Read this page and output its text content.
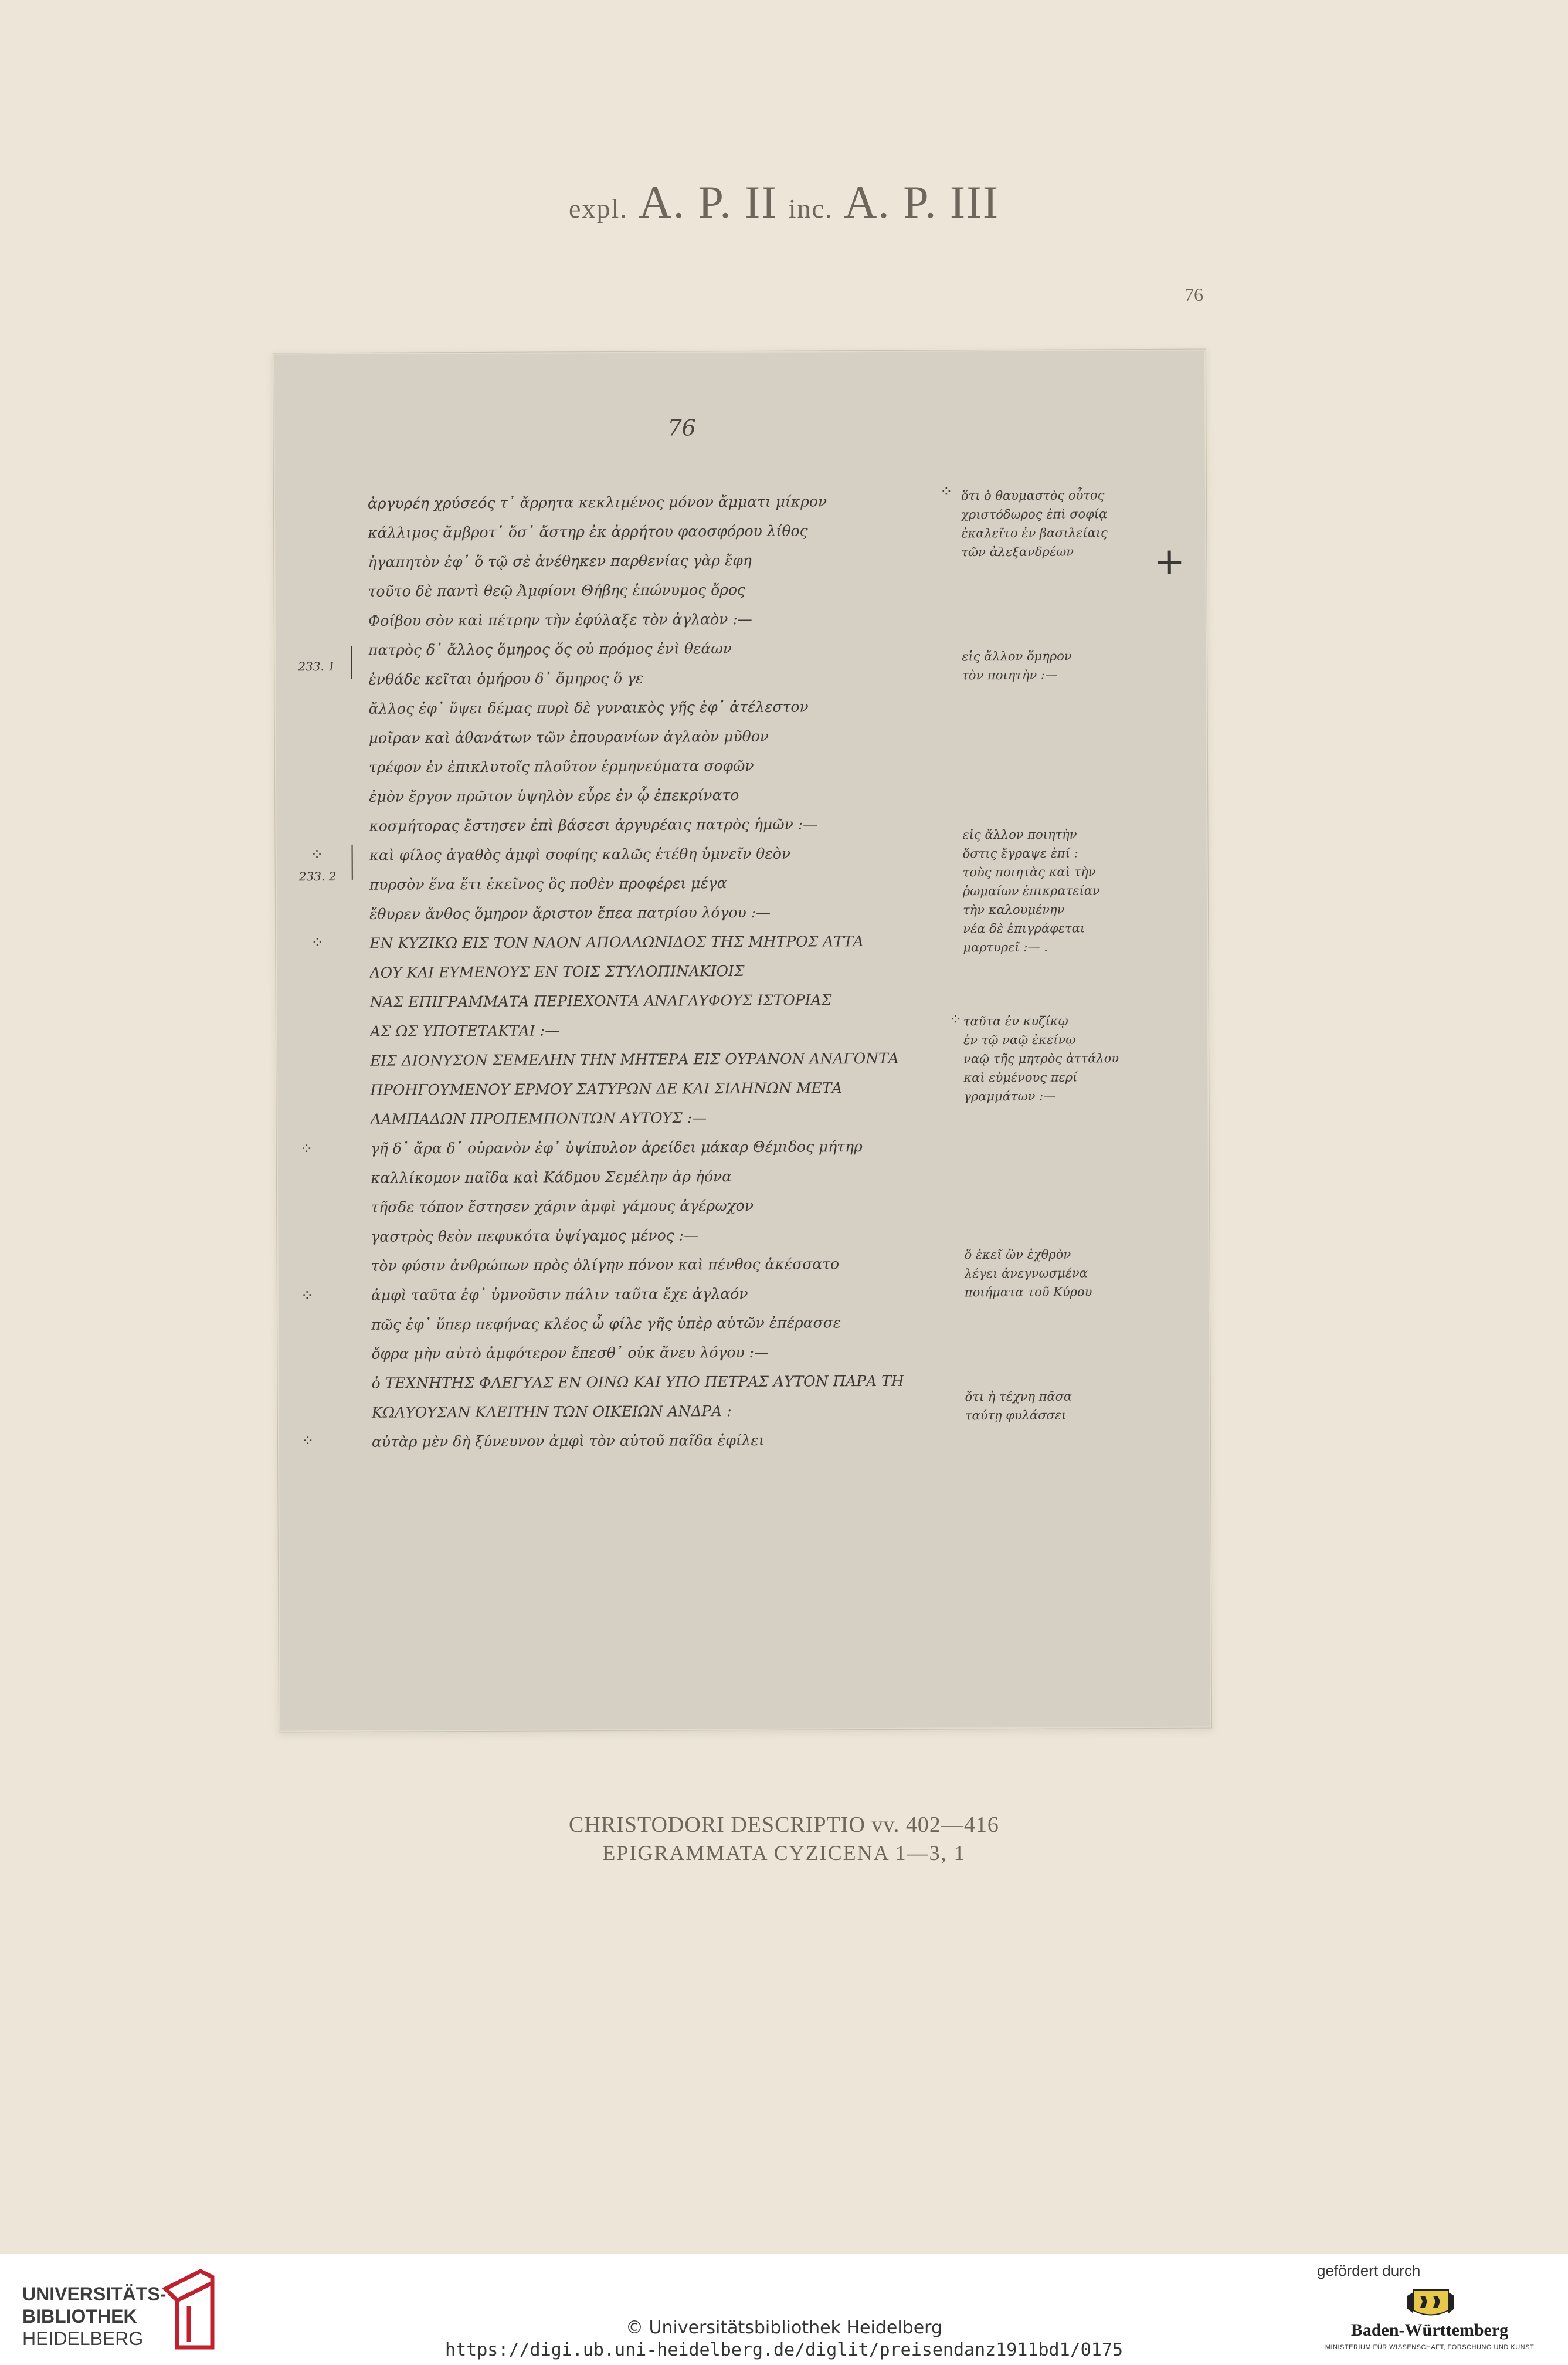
expl. A. P. II inc. A. P. III
76
76
ἀργυρέη χρύσεός τ᾽ ἄρρητα κεκλιμένος μόνον ἄμματι μίκρον
κάλλιμος ἄμβροτ᾽ ὅσ᾽ ἄστηρ ἐκ ἀρρήτου φαοσφόρου λίθος
ἠγαπητὸν ἐφ᾽ ὅ τῷ σὲ ἀνέθηκεν παρθενίας γὰρ ἔφη
τοῦτο δὲ παντὶ θεῷ Ἀμφίονι Θήβης ἐπώνυμος ὄρος
Φοίβου σὸν καὶ πέτρην τὴν ἐφύλαξε τὸν ἀγλαὸν :—
πατρὸς δ᾽ ἄλλος ὅμηρος ὅς οὐ πρόμος ἐνὶ θεάων
ἐνθάδε κεῖται ὁμήρου δ᾽ ὅμηρος ὅ γε
ἄλλος ἐφ᾽ ὕψει δέμας πυρὶ δὲ γυναικὸς γῆς ἐφ᾽ ἀτέλεστον
μοῖραν καὶ ἀθανάτων τῶν ἐπουρανίων ἀγλαὸν μῦθον
τρέφον ἐν ἐπικλυτοῖς πλοῦτον ἑρμηνεύματα σοφῶν
ἐμὸν ἔργον πρῶτον ὑψηλὸν εὗρε ἐν ᾧ ἐπεκρίνατο
κοσμήτορας ἔστησεν ἐπὶ βάσεσι ἀργυρέαις πατρὸς ἡμῶν :—
καὶ φίλος ἀγαθὸς ἀμφὶ σοφίης καλῶς ἐτέθη ὑμνεῖν θεὸν
πυρσὸν ἕνα ἔτι ἐκεῖνος ὃς ποθὲν προφέρει μέγα
ἔθυρεν ἄνθος ὅμηρον ἄριστον ἔπεα πατρίου λόγου :—
ΕΝ ΚΥΖΙΚΩ ΕΙΣ ΤΟΝ ΝΑΟΝ ΑΠΟΛΛΩΝΙΔΟΣ ΤΗΣ ΜΗΤΡΟΣ ΑΤΤΑ
ΛΟΥ ΚΑΙ ΕΥΜΕΝΟΥΣ ΕΝ ΤΟΙΣ ΣΤΥΛΟΠΙΝΑΚΙΟΙΣ
ΝΑΣ ΕΠΙΓΡΑΜΜΑΤΑ ΠΕΡΙΕΧΟΝΤΑ ΑΝΑΓΛΥΦΟΥΣ ΙΣΤΟΡΙΑΣ
ΑΣ ΩΣ ΥΠΟΤΕΤΑΚΤΑΙ :—
ΕΙΣ ΔΙΟΝΥΣΟΝ ΣΕΜΕΛΗΝ ΤΗΝ ΜΗΤΕΡΑ ΕΙΣ ΟΥΡΑΝΟΝ ΑΝΑΓΟΝΤΑ
ΠΡΟΗΓΟΥΜΕΝΟΥ ΕΡΜΟΥ ΣΑΤΥΡΩΝ ΔΕ ΚΑΙ ΣΙΛΗΝΩΝ ΜΕΤΑ
ΛΑΜΠΑΔΩΝ ΠΡΟΠΕΜΠΟΝΤΩΝ ΑΥΤΟΥΣ :—
γῆ δ᾽ ἄρα δ᾽ οὐρανὸν ἐφ᾽ ὑψίπυλον ἀρείδει μάκαρ Θέμιδος μήτηρ
καλλίκομον παῖδα καὶ Κάδμου Σεμέλην ἀρ ἠόνα
τῆσδε τόπον ἔστησεν χάριν ἀμφὶ γάμους ἀγέρωχον
γαστρὸς θεὸν πεφυκότα ὑψίγαμος μένος :—
τὸν φύσιν ἀνθρώπων πρὸς ὀλίγην πόνον καὶ πένθος ἀκέσσατο
ἀμφὶ ταῦτα ἐφ᾽ ὑμνοῦσιν πάλιν ταῦτα ἔχε ἀγλαόν
πῶς ἐφ᾽ ὕπερ πεφήνας κλέος ὦ φίλε γῆς ὑπὲρ αὐτῶν ἐπέρασσε
ὄφρα μὴν αὐτὸ ἀμφότερον ἔπεσθ᾽ οὐκ ἄνευ λόγου :—
ὁ ΤΕΧΝΗΤΗΣ ΦΛΕΓΥΑΣ ΕΝ ΟΙΝΩ ΚΑΙ ΥΠΟ ΠΕΤΡΑΣ ΑΥΤΟΝ ΠΑΡΑ ΤΗ
ΚΩΛΥΟΥΣΑΝ ΚΛΕΙΤΗΝ ΤΩΝ ΟΙΚΕΙΩΝ ΑΝΔΡΑ :
αὐτὰρ μὲν δὴ ξύνευνον ἀμφὶ τὸν αὐτοῦ παῖδα ἐφίλει
ὅτι ὁ θαυμαστὸς οὗτος
χριστόδωρος ἐπὶ σοφίᾳ
ἐκαλεῖτο ἐν βασιλείαις
τῶν ἀλεξανδρέων
εἰς ἄλλον ὅμηρον
τὸν ποιητὴν :—
εἰς ἄλλον ποιητὴν
ὅστις ἔγραψε ἐπί :
τοὺς ποιητὰς καὶ τὴν
ῥωμαίων ἐπικρατείαν
τὴν καλουμένην
νέα δὲ ἐπιγράφεται
μαρτυρεῖ :— .
ταῦτα ἐν κυζίκῳ
ἐν τῷ ναῷ ἐκείνῳ
ναῷ τῆς μητρὸς ἀττάλου
καὶ εὐμένους περί
γραμμάτων :—
ὅ ἐκεῖ ὢν ἐχθρὸν
λέγει ἀνεγνωσμένα
ποιήματα τοῦ Κύρου
ὅτι ἡ τέχνη πᾶσα
ταύτῃ φυλάσσει
233. 1
233. 2
⁘
⁘
⁘
⁘
⁘
⁘
⁘
+
CHRISTODORI DESCRIPTIO vv. 402—416
EPIGRAMMATA CYZICENA 1—3, 1
UNIVERSITÄTS-
BIBLIOTHEK
HEIDELBERG
© Universitätsbibliothek Heidelberg
https://digi.ub.uni-heidelberg.de/diglit/preisendanz1911bd1/0175
gefördert durch
Baden-Württemberg
MINISTERIUM FÜR WISSENSCHAFT, FORSCHUNG UND KUNST
